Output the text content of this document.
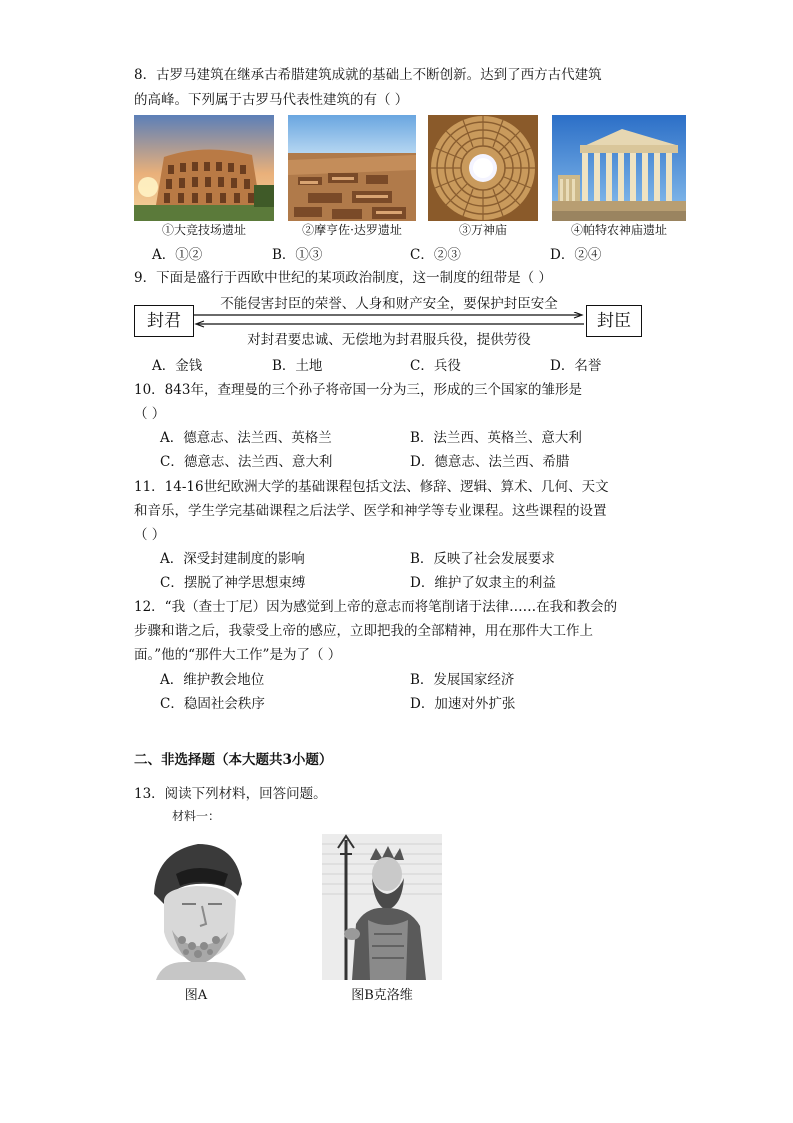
8．古罗马建筑在继承古希腊建筑成就的基础上不断创新。达到了西方古代建筑
的高峰。下列属于古罗马代表性建筑的有（ ）
①大竞技场遗址	②摩亨佐·达罗遗址	③万神庙	④帕特农神庙遗址
A．①②	B．①③	C．②③	D．②④
9．下面是盛行于西欧中世纪的某项政治制度，这一制度的纽带是（ ）
封君	封臣
不能侵害封臣的荣誉、人身和财产安全，要保护封臣安全
对封君要忠诚、无偿地为封君服兵役，提供劳役
A．金钱	B．土地	C．兵役	D．名誉
10．843年，查理曼的三个孙子将帝国一分为三，形成的三个国家的雏形是
（ ）
A．德意志、法兰西、英格兰	B．法兰西、英格兰、意大利
C．德意志、法兰西、意大利	D．德意志、法兰西、希腊
11．14-16世纪欧洲大学的基础课程包括文法、修辞、逻辑、算术、几何、天文
和音乐，学生学完基础课程之后法学、医学和神学等专业课程。这些课程的设置
（ ）
A．深受封建制度的影响	B．反映了社会发展要求
C．摆脱了神学思想束缚	D．维护了奴隶主的利益
12．“我（查士丁尼）因为感觉到上帝的意志而将笔削诸于法律……在我和教会的
步骤和谐之后，我蒙受上帝的感应，立即把我的全部精神，用在那件大工作上
面。”他的“那件大工作”是为了（ ）
A．维护教会地位	B．发展国家经济
C．稳固社会秩序	D．加速对外扩张
二、非选择题（本大题共3小题）
13．阅读下列材料，回答问题。
材料一：
图A	图B克洛维
